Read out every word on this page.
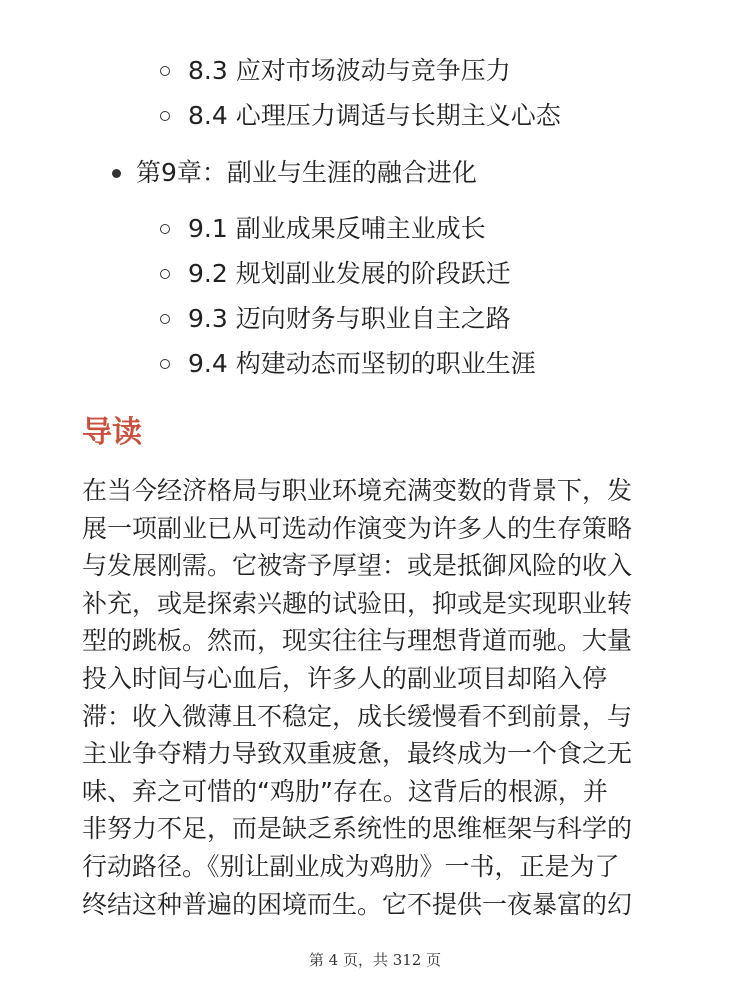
8.3 应对市场波动与竞争压力
8.4 心理压力调适与长期主义心态
第9章：副业与生涯的融合进化
9.1 副业成果反哺主业成长
9.2 规划副业发展的阶段跃迁
9.3 迈向财务与职业自主之路
9.4 构建动态而坚韧的职业生涯
导读

在当今经济格局与职业环境充满变数的背景下，发
展一项副业已从可选动作演变为许多人的生存策略
与发展刚需。它被寄予厚望：或是抵御风险的收入
补充，或是探索兴趣的试验田，抑或是实现职业转
型的跳板。然而，现实往往与理想背道而驰。大量
投入时间与心血后，许多人的副业项目却陷入停
滞：收入微薄且不稳定，成长缓慢看不到前景，与
主业争夺精力导致双重疲惫，最终成为一个食之无
味、弃之可惜的“鸡肋”存在。这背后的根源，并
非努力不足，而是缺乏系统性的思维框架与科学的
行动路径。《别让副业成为鸡肋》一书，正是为了
终结这种普遍的困境而生。它不提供一夜暴富的幻

第 4 页，共 312 页
